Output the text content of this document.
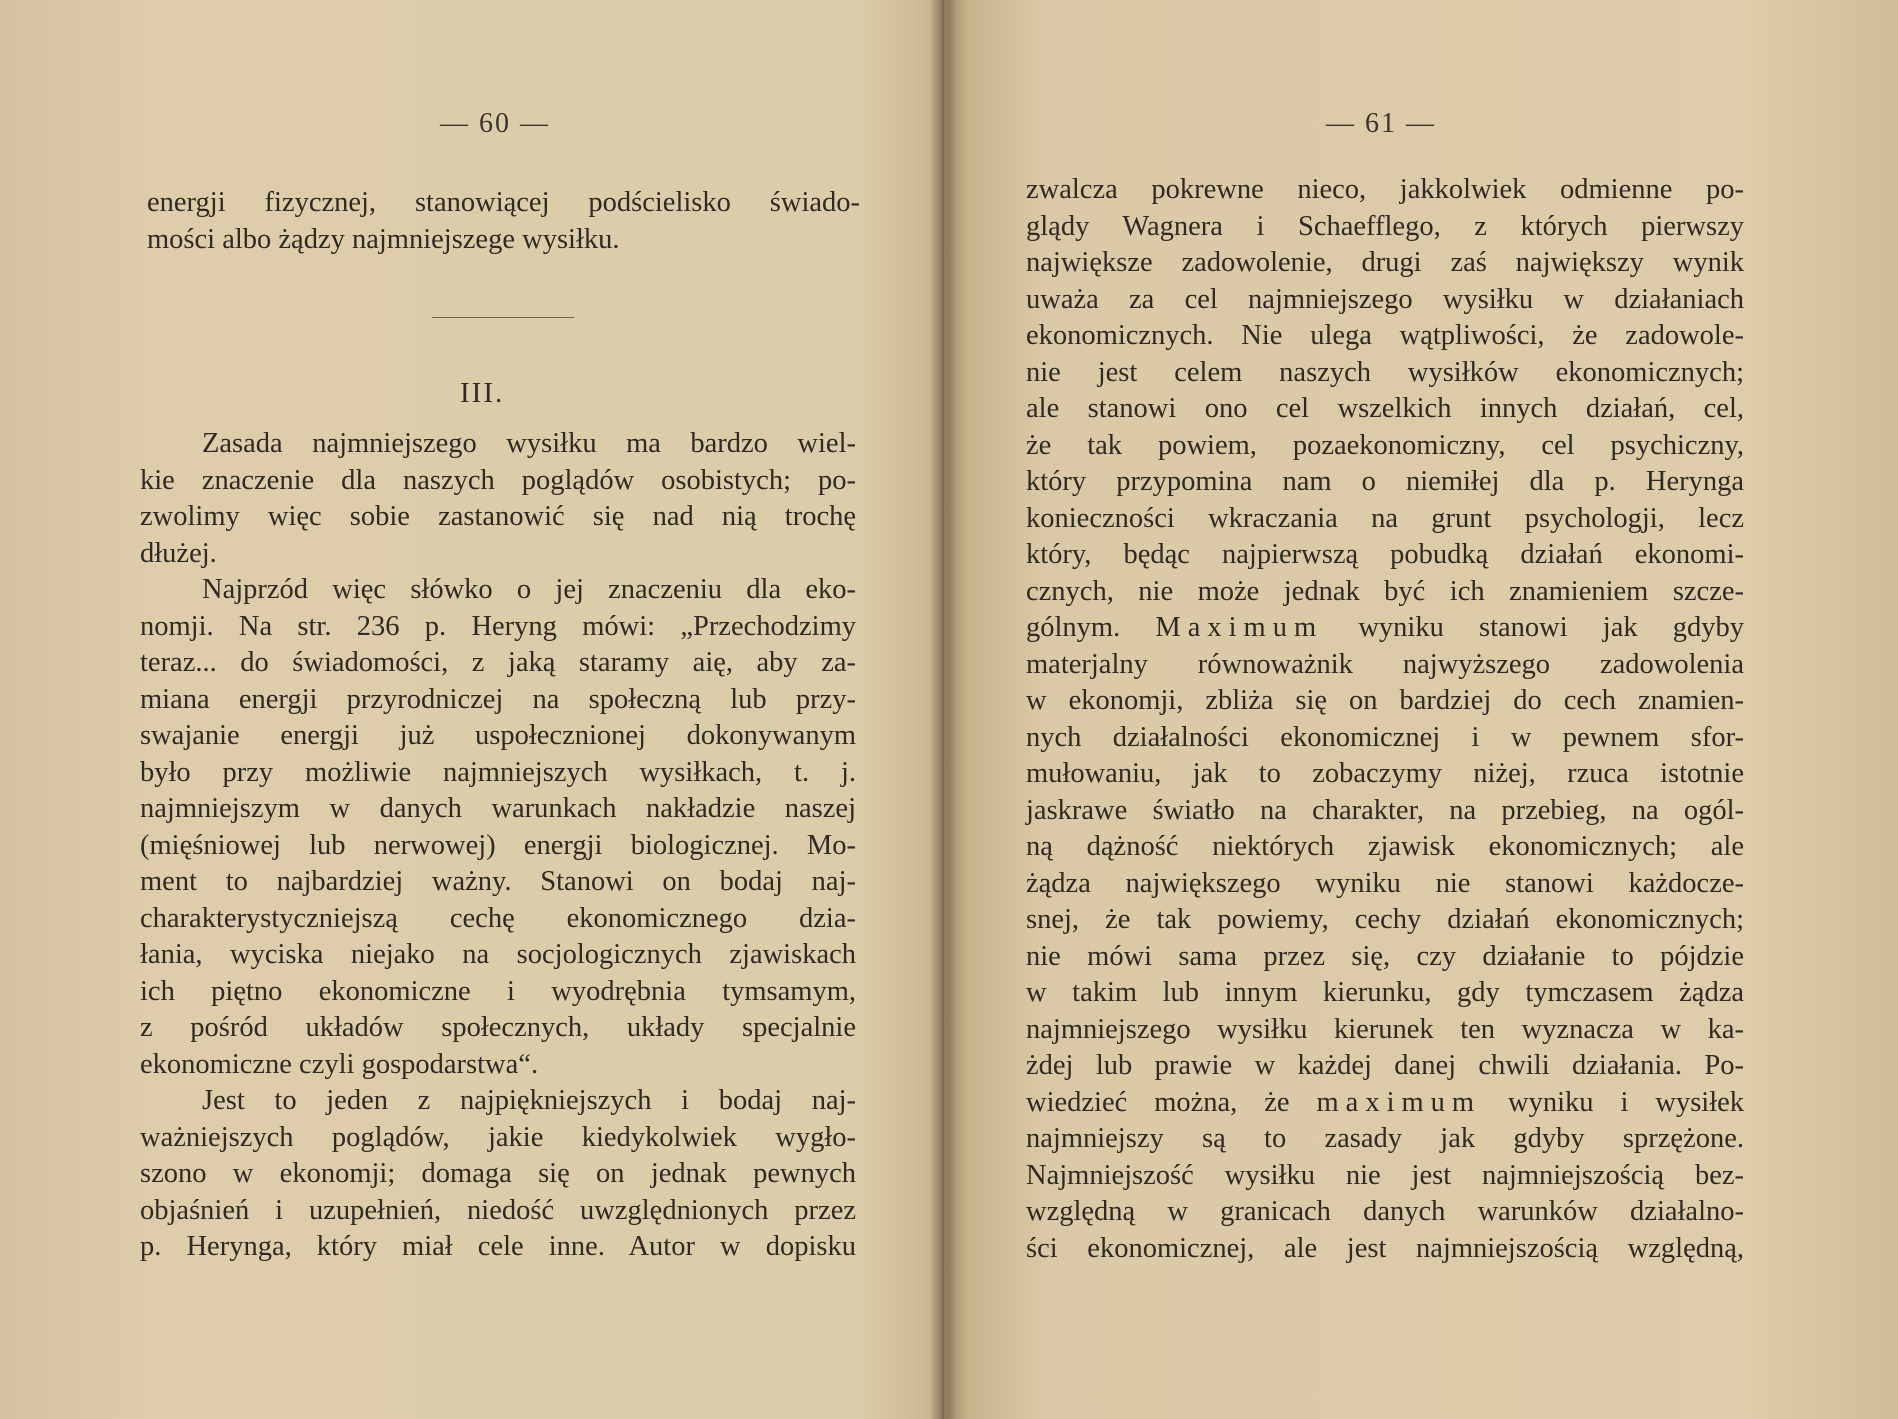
— 60 —
energji fizycznej, stanowiącej podścielisko świado-
mości albo żądzy najmniejszege wysiłku.
III.
Zasada najmniejszego wysiłku ma bardzo wiel-
kie znaczenie dla naszych poglądów osobistych; po-
zwolimy więc sobie zastanowić się nad nią trochę
dłużej.
Najprzód więc słówko o jej znaczeniu dla eko-
nomji. Na str. 236 p. Heryng mówi: „Przechodzimy
teraz... do świadomości, z jaką staramy aię, aby za-
miana energji przyrodniczej na społeczną lub przy-
swajanie energji już uspołecznionej dokonywanym
było przy możliwie najmniejszych wysiłkach, t. j.
najmniejszym w danych warunkach nakładzie naszej
(mięśniowej lub nerwowej) energji biologicznej. Mo-
ment to najbardziej ważny. Stanowi on bodaj naj-
charakterystyczniejszą cechę ekonomicznego dzia-
łania, wyciska niejako na socjologicznych zjawiskach
ich piętno ekonomiczne i wyodrębnia tymsamym,
z pośród układów społecznych, układy specjalnie
ekonomiczne czyli gospodarstwa“.
Jest to jeden z najpiękniejszych i bodaj naj-
ważniejszych poglądów, jakie kiedykolwiek wygło-
szono w ekonomji; domaga się on jednak pewnych
objaśnień i uzupełnień, niedość uwzględnionych przez
p. Herynga, który miał cele inne. Autor w dopisku
— 61 —
zwalcza pokrewne nieco, jakkolwiek odmienne po-
glądy Wagnera i Schaefflego, z których pierwszy
największe zadowolenie, drugi zaś największy wynik
uważa za cel najmniejszego wysiłku w działaniach
ekonomicznych. Nie ulega wątpliwości, że zadowole-
nie jest celem naszych wysiłków ekonomicznych;
ale stanowi ono cel wszelkich innych działań, cel,
że tak powiem, pozaekonomiczny, cel psychiczny,
który przypomina nam o niemiłej dla p. Herynga
konieczności wkraczania na grunt psychologji, lecz
który, będąc najpierwszą pobudką działań ekonomi-
cznych, nie może jednak być ich znamieniem szcze-
gólnym. Maximum wyniku stanowi jak gdyby
materjalny równoważnik najwyższego zadowolenia
w ekonomji, zbliża się on bardziej do cech znamien-
nych działalności ekonomicznej i w pewnem sfor-
mułowaniu, jak to zobaczymy niżej, rzuca istotnie
jaskrawe światło na charakter, na przebieg, na ogól-
ną dążność niektórych zjawisk ekonomicznych; ale
żądza największego wyniku nie stanowi każdocze-
snej, że tak powiemy, cechy działań ekonomicznych;
nie mówi sama przez się, czy działanie to pójdzie
w takim lub innym kierunku, gdy tymczasem żądza
najmniejszego wysiłku kierunek ten wyznacza w ka-
żdej lub prawie w każdej danej chwili działania. Po-
wiedzieć można, że maximum wyniku i wysiłek
najmniejszy są to zasady jak gdyby sprzężone.
Najmniejszość wysiłku nie jest najmniejszością bez-
względną w granicach danych warunków działalno-
ści ekonomicznej, ale jest najmniejszością względną,
